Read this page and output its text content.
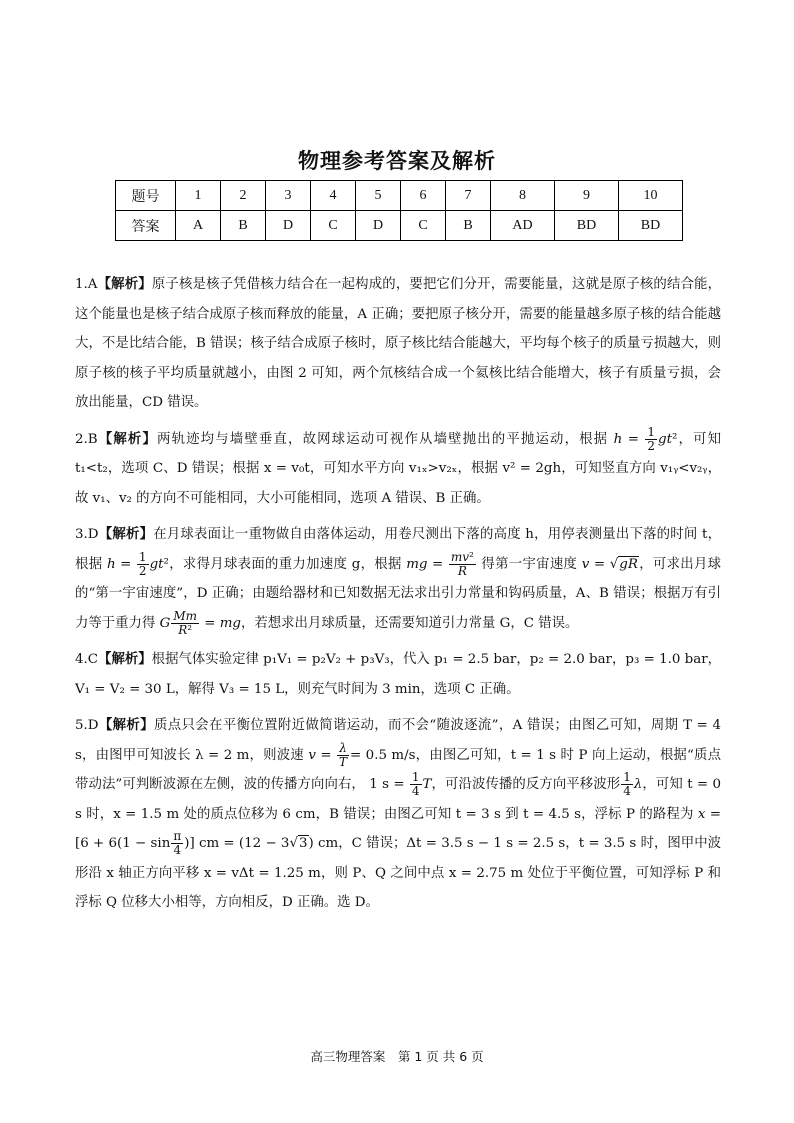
物理参考答案及解析
题号	1	2	3	4	5	6	7	8	9	10
答案	A	B	D	C	D	C	B	AD	BD	BD

1.A【解析】原子核是核子凭借核力结合在一起构成的，要把它们分开，需要能量，这就是原子核的结合能，这个能量也是核子结合成原子核而释放的能量，A 正确；要把原子核分开，需要的能量越多原子核的结合能越大，不是比结合能，B 错误；核子结合成原子核时，原子核比结合能越大，平均每个核子的质量亏损越大，则原子核的核子平均质量就越小，由图 2 可知，两个氘核结合成一个氦核比结合能增大，核子有质量亏损，会放出能量，CD 错误。

2.B【解析】两轨迹均与墙壁垂直，故网球运动可视作从墙壁抛出的平抛运动，根据 $h = \frac{1}{2} gt^2$，可知 t₁<t₂，选项 C、D 错误；根据 x = v₀t，可知水平方向 v₁ₓ>v₂ₓ，根据 v² = 2gh，可知竖直方向 v₁ᵧ<v₂ᵧ，故 v₁、v₂ 的方向不可能相同，大小可能相同，选项 A 错误、B 正确。

3.D【解析】在月球表面让一重物做自由落体运动，用卷尺测出下落的高度 h，用停表测量出下落的时间 t，根据 $h = \frac{1}{2} gt^2$，求得月球表面的重力加速度 g，根据 mg = $\frac{\text{mv²}}{R}$ 得第一宇宙速度 v = √gR，可求出月球的“第一宇宙速度”，D 正确；由题给器材和已知数据无法求出引力常量和钩码质量，A、B 错误；根据万有引力等于重力得 G $\frac{Mm}{\text{R²}}$ = mg，若想求出月球质量，还需要知道引力常量 G，C 错误。

4.C【解析】根据气体实验定律 p₁V₁ = p₂V₂ + p₃V₃，代入 p₁ = 2.5 bar，p₂ = 2.0 bar，p₃ = 1.0 bar，V₁ = V₂ = 30 L，解得 V₃ = 15 L，则充气时间为 3 min，选项 C 正确。

5.D【解析】质点只会在平衡位置附近做简谐运动，而不会“随波逐流”，A 错误；由图乙可知，周期 T = 4 s，由图甲可知波长 λ = 2 m，则波速 $v = \frac{\lambda}{T} = 0.5$ m/s，由图乙可知，t = 1 s 时 P 向上运动，根据“质点带动法”可判断波源在左侧，波的传播方向向右， 1 $s = \frac{1}{4}$ T，可沿波传播的反方向平移波形 $\frac{1}{4}$ λ，可知 t = 0 s 时，x = 1.5 m 处的质点位移为 6 cm，B 错误；由图乙可知 t = 3 s 到 t = 4.5 s，浮标 P 的路程为 $x = [6 + 6(1 - \sin \frac{\pi}{4}$ )] cm = (12 − 3√3) cm，C 错误；Δt = 3.5 s − 1 s = 2.5 s，t = 3.5 s 时，图甲中波形沿 x 轴正方向平移 x = vΔt = 1.25 m，则 P、Q 之间中点 x = 2.75 m 处位于平衡位置，可知浮标 P 和浮标 Q 位移大小相等，方向相反，D 正确。选 D。

高三物理答案　第 1 页 共 6 页
